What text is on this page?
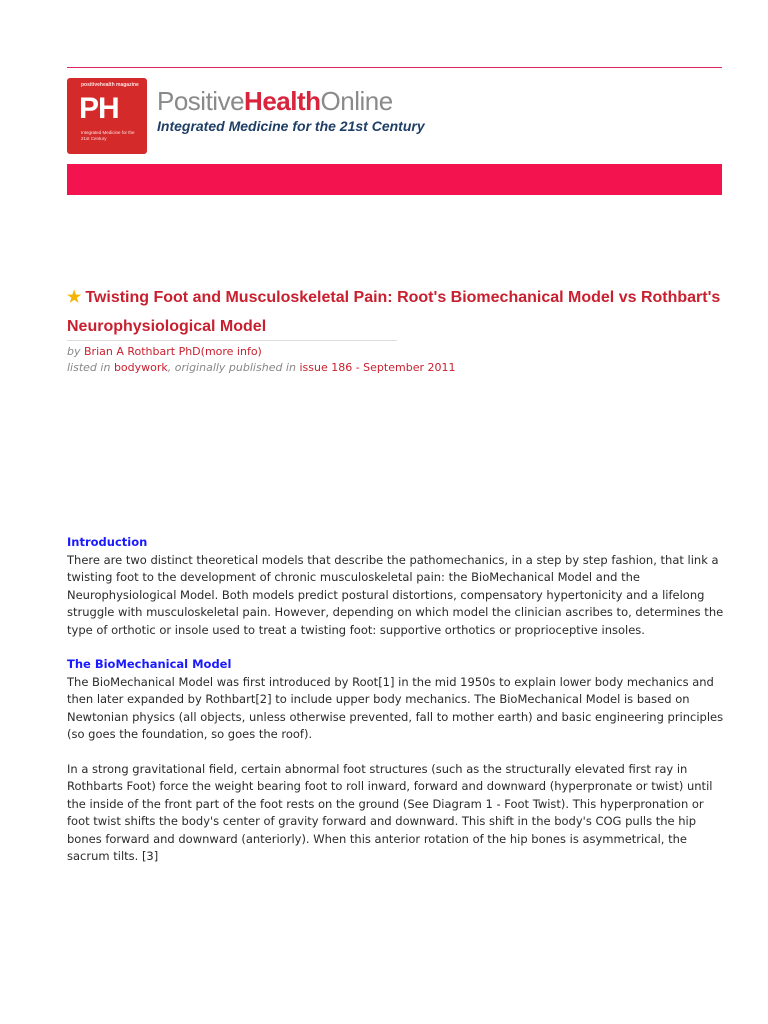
positivehealth magazine
PH
Integrated Medicine for the 21st Century
PositiveHealthOnline
Integrated Medicine for the 21st Century
★ Twisting Foot and Musculoskeletal Pain: Root's Biomechanical Model vs Rothbart's Neurophysiological Model
by Brian A Rothbart PhD(more info)
listed in bodywork, originally published in issue 186 - September 2011
Introduction

There are two distinct theoretical models that describe the pathomechanics, in a step by step fashion, that link a twisting foot to the development of chronic musculoskeletal pain: the BioMechanical Model and the Neurophysiological Model. Both models predict postural distortions, compensatory hypertonicity and a lifelong struggle with musculoskeletal pain. However, depending on which model the clinician ascribes to, determines the type of orthotic or insole used to treat a twisting foot: supportive orthotics or proprioceptive insoles.

The BioMechanical Model

The BioMechanical Model was first introduced by Root[1] in the mid 1950s to explain lower body mechanics and then later expanded by Rothbart[2] to include upper body mechanics. The BioMechanical Model is based on Newtonian physics (all objects, unless otherwise prevented, fall to mother earth) and basic engineering principles (so goes the foundation, so goes the roof).

In a strong gravitational field, certain abnormal foot structures (such as the structurally elevated first ray in Rothbarts Foot) force the weight bearing foot to roll inward, forward and downward (hyperpronate or twist) until the inside of the front part of the foot rests on the ground (See Diagram 1 - Foot Twist). This hyperpronation or foot twist shifts the body's center of gravity forward and downward. This shift in the body's COG pulls the hip bones forward and downward (anteriorly). When this anterior rotation of the hip bones is asymmetrical, the sacrum tilts. [3]
